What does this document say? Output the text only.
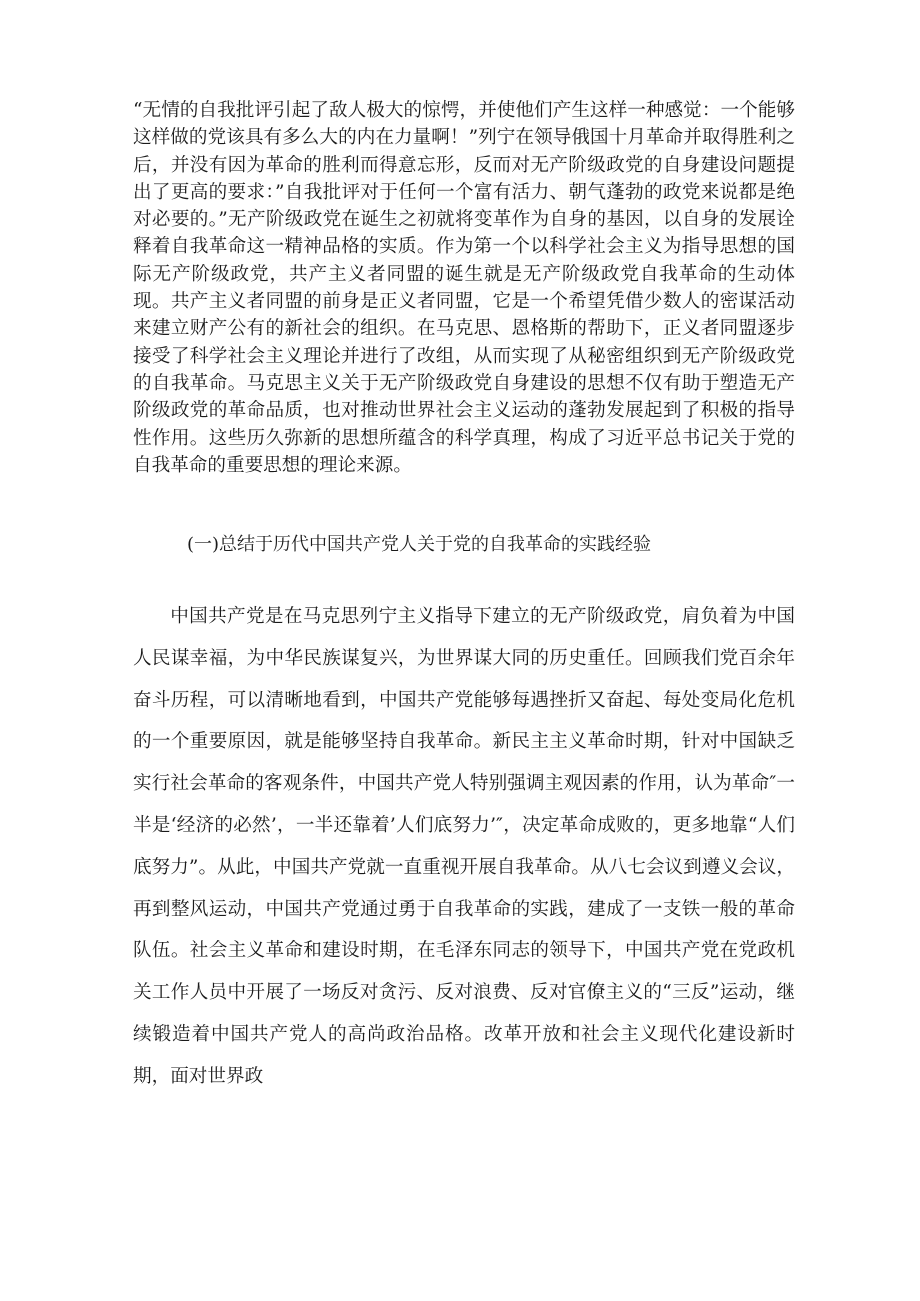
“无情的自我批评引起了敌人极大的惊愕，并使他们产生这样一种感觉：一个能够这样做的党该具有多么大的内在力量啊！”列宁在领导俄国十月革命并取得胜利之后，并没有因为革命的胜利而得意忘形，反而对无产阶级政党的自身建设问题提出了更高的要求：”自我批评对于任何一个富有活力、朝气蓬勃的政党来说都是绝对必要的。”无产阶级政党在诞生之初就将变革作为自身的基因，以自身的发展诠释着自我革命这一精神品格的实质。作为第一个以科学社会主义为指导思想的国际无产阶级政党，共产主义者同盟的诞生就是无产阶级政党自我革命的生动体现。共产主义者同盟的前身是正义者同盟，它是一个希望凭借少数人的密谋活动来建立财产公有的新社会的组织。在马克思、恩格斯的帮助下，正义者同盟逐步接受了科学社会主义理论并进行了改组，从而实现了从秘密组织到无产阶级政党的自我革命。马克思主义关于无产阶级政党自身建设的思想不仅有助于塑造无产阶级政党的革命品质，也对推动世界社会主义运动的蓬勃发展起到了积极的指导性作用。这些历久弥新的思想所蕴含的科学真理，构成了习近平总书记关于党的自我革命的重要思想的理论来源。

(一)总结于历代中国共产党人关于党的自我革命的实践经验

中国共产党是在马克思列宁主义指导下建立的无产阶级政党，肩负着为中国人民谋幸福，为中华民族谋复兴，为世界谋大同的历史重任。回顾我们党百余年奋斗历程，可以清晰地看到，中国共产党能够每遇挫折又奋起、每处变局化危机的一个重要原因，就是能够坚持自我革命。新民主主义革命时期，针对中国缺乏实行社会革命的客观条件，中国共产党人特别强调主观因素的作用，认为革命″一半是‘经济的必然’，一半还靠着’人们底努力’″，决定革命成败的，更多地靠“人们底努力”。从此，中国共产党就一直重视开展自我革命。从八七会议到遵义会议，再到整风运动，中国共产党通过勇于自我革命的实践，建成了一支铁一般的革命队伍。社会主义革命和建设时期，在毛泽东同志的领导下，中国共产党在党政机关工作人员中开展了一场反对贪污、反对浪费、反对官僚主义的“三反”运动，继续锻造着中国共产党人的高尚政治品格。改革开放和社会主义现代化建设新时期，面对世界政
